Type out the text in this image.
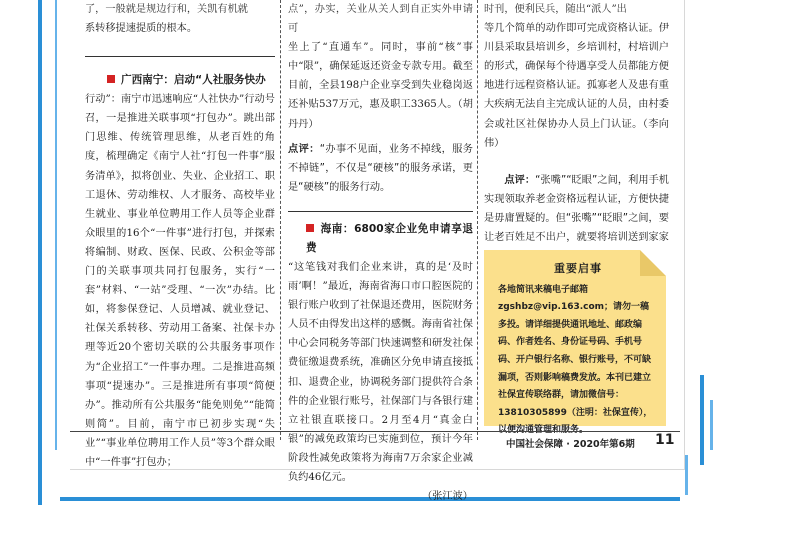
了，一般就是规边行和，关凯有机就
系转移提速提质的根本。
广西南宁：启动“人社服务快办
行动”：南宁市迅速响应“人社快办”行动号召，一是推进关联事项“打包办”。跳出部门思维、传统管理思维，从老百姓的角度，梳理确定《南宁人社“打包一件事”服务清单》，拟将创业、失业、企业招工、职工退休、劳动维权、人才服务、高校毕业生就业、事业单位聘用工作人员等企业群众眼里的16个“一件事”进行打包，并探索将编制、财政、医保、民政、公积金等部门的关联事项共同打包服务，实行“一套”材料、“一站”受理、“一次”办结。比如，将参保登记、人员增减、就业登记、社保关系转移、劳动用工备案、社保卡办理等近20个密切关联的公共服务事项作为“企业招工”一件事办理。二是推进高频事项“提速办”。三是推进所有事项“简便办”。推动所有公共服务“能免则免”“能简则简”。目前，南宁市已初步实现“失业”“事业单位聘用工作人员”等3个群众眼中“一件事”打包办；
点”，办实，关业从关人到自正实外申请可
坐上了“直通车”。同时，事前“核”事中“限”，确保延返还资金专款专用。截至目前，全县198户企业享受到失业稳岗返还补贴537万元，惠及职工3365人。（胡丹丹）
点评：“办事不见面，业务不掉线，服务不掉链”，不仅是“硬核”的服务承诺，更是“硬核”的服务行动。
海南：6800家企业免申请享退费
“这笔钱对我们企业来讲，真的是‘及时雨’啊！”最近，海南省海口市口腔医院的银行账户收到了社保退还费用，医院财务人员不由得发出这样的感慨。海南省社保中心会同税务等部门快速调整和研发社保费征缴退费系统，准确区分免申请直接抵扣、退费企业，协调税务部门提供符合条件的企业银行账号，社保部门与各银行建立社银直联接口。2月至4月“真金白银”的减免政策均已实施到位，预计今年阶段性减免政策将为海南7万余家企业减负约46亿元。
（张江波）
时刊，便利民兵，随出“派人”出
等几个简单的动作即可完成资格认证。伊川县采取县培训乡，乡培训村，村培训户的形式，确保每个待遇享受人员都能方便地进行远程资格认证。孤寡老人及患有重大疾病无法自主完成认证的人员，由村委会或社区社保协办人员上门认证。（李向伟）
点评：“张嘴”“眨眼”之间，利用手机实现领取养老金资格远程认证，方便快捷是毋庸置疑的。但“张嘴”“眨眼”之间，要让老百姓足不出户，就要将培训送到家家
重要启事
各地简讯来稿电子邮箱 zgshbz@vip.163.com；请勿一稿多投。请详细提供通讯地址、邮政编码、作者姓名、身份证号码、手机号码、开户银行名称、银行账号，不可缺漏项，否则影响稿费发放。本刊已建立社保宣传联络群，请加微信号：13810305899（注明：社保宣传），以便沟通管理和服务。
中国社会保障 · 2020年第6期 11
